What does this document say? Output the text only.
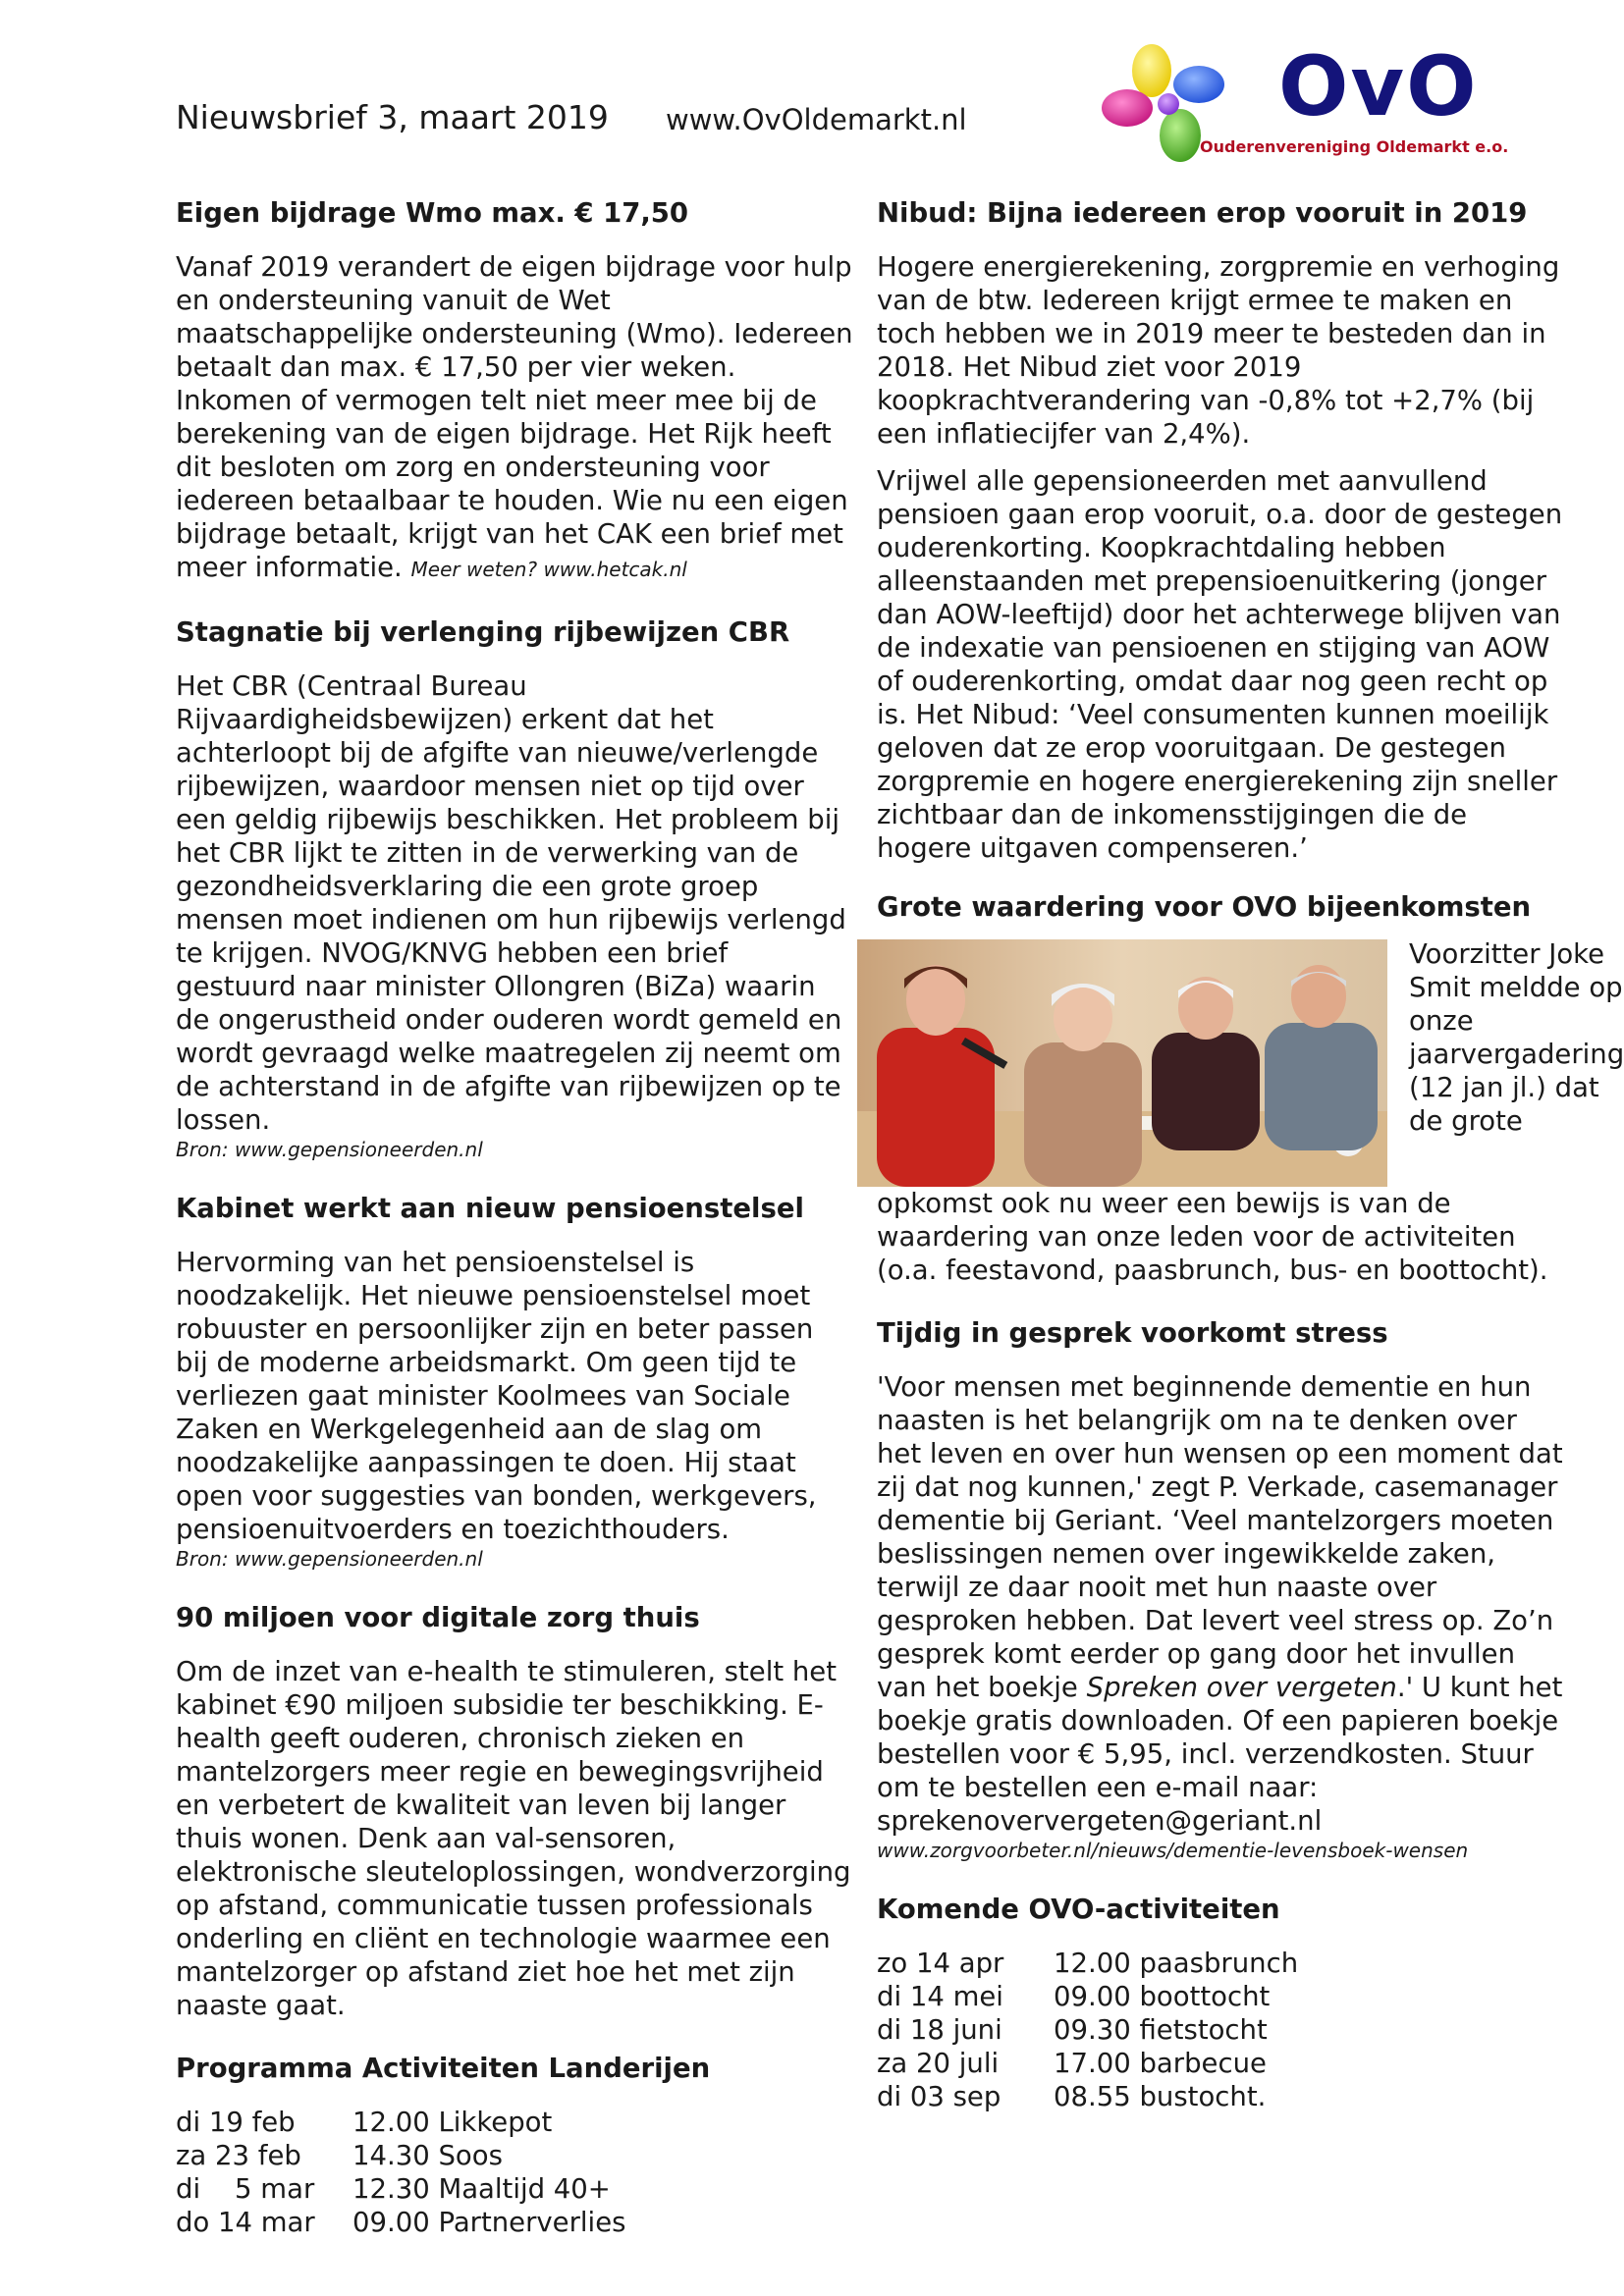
Nieuwsbrief 3, maart 2019 www.OvOldemarkt.nl	OvO
Ouderenvereniging Oldemarkt e.o.
Eigen bijdrage Wmo max. € 17,50

Vanaf 2019 verandert de eigen bijdrage voor hulp en ondersteuning vanuit de Wet maatschappelijke ondersteuning (Wmo). Iedereen betaalt dan max. € 17,50 per vier weken. Inkomen of vermogen telt niet meer mee bij de berekening van de eigen bijdrage. Het Rijk heeft dit besloten om zorg en ondersteuning voor iedereen betaalbaar te houden. Wie nu een eigen bijdrage betaalt, krijgt van het CAK een brief met meer informatie. Meer weten? www.hetcak.nl

Stagnatie bij verlenging rijbewijzen CBR

Het CBR (Centraal Bureau Rijvaardigheidsbewijzen) erkent dat het achterloopt bij de afgifte van nieuwe/verlengde rijbewijzen, waardoor mensen niet op tijd over een geldig rijbewijs beschikken. Het probleem bij het CBR lijkt te zitten in de verwerking van de gezondheidsverklaring die een grote groep mensen moet indienen om hun rijbewijs verlengd te krijgen. NVOG/KNVG hebben een brief gestuurd naar minister Ollongren (BiZa) waarin de ongerustheid onder ouderen wordt gemeld en wordt gevraagd welke maatregelen zij neemt om de achterstand in de afgifte van rijbewijzen op te lossen.

Bron: www.gepensioneerden.nl
Kabinet werkt aan nieuw pensioenstelsel

Hervorming van het pensioenstelsel is noodzakelijk. Het nieuwe pensioenstelsel moet robuuster en persoonlijker zijn en beter passen bij de moderne arbeidsmarkt. Om geen tijd te verliezen gaat minister Koolmees van Sociale Zaken en Werkgelegenheid aan de slag om noodzakelijke aanpassingen te doen. Hij staat open voor suggesties van bonden, werkgevers, pensioenuitvoerders en toezichthouders.

Bron: www.gepensioneerden.nl
90 miljoen voor digitale zorg thuis

Om de inzet van e-health te stimuleren, stelt het kabinet €90 miljoen subsidie ter beschikking. E-health geeft ouderen, chronisch zieken en mantelzorgers meer regie en bewegingsvrijheid en verbetert de kwaliteit van leven bij langer thuis wonen. Denk aan val-sensoren, elektronische sleuteloplossingen, wondverzorging op afstand, communicatie tussen professionals onderling en cliënt en technologie waarmee een mantelzorger op afstand ziet hoe het met zijn naaste gaat.

Programma Activiteiten Landerijen
di 19 feb	12.00 Likkepot
za 23 feb	14.30 Soos
di    5 mar	12.30 Maaltijd 40+
do 14 mar	09.00 Partnerverlies
Nibud: Bijna iedereen erop vooruit in 2019

Hogere energierekening, zorgpremie en verhoging van de btw. Iedereen krijgt ermee te maken en toch hebben we in 2019 meer te besteden dan in 2018. Het Nibud ziet voor 2019 koopkrachtverandering van -0,8% tot +2,7% (bij een inflatiecijfer van 2,4%).

Vrijwel alle gepensioneerden met aanvullend pensioen gaan erop vooruit, o.a. door de gestegen ouderenkorting. Koopkrachtdaling hebben alleenstaanden met prepensioenuitkering (jonger dan AOW-leeftijd) door het achterwege blijven van de indexatie van pensioenen en stijging van AOW of ouderenkorting, omdat daar nog geen recht op is. Het Nibud: ‘Veel consumenten kunnen moeilijk geloven dat ze erop vooruitgaan. De gestegen zorgpremie en hogere energierekening zijn sneller zichtbaar dan de inkomensstijgingen die de hogere uitgaven compenseren.’

Grote waardering voor OVO bijeenkomsten
Voorzitter Joke Smit meldde op onze jaarvergadering (12 jan jl.) dat de grote

opkomst ook nu weer een bewijs is van de waardering van onze leden voor de activiteiten (o.a. feestavond, paasbrunch, bus- en boottocht).

Tijdig in gesprek voorkomt stress

'Voor mensen met beginnende dementie en hun naasten is het belangrijk om na te denken over het leven en over hun wensen op een moment dat zij dat nog kunnen,' zegt P. Verkade, casemanager dementie bij Geriant. ‘Veel mantelzorgers moeten beslissingen nemen over ingewikkelde zaken, terwijl ze daar nooit met hun naaste over gesproken hebben. Dat levert veel stress op. Zo’n gesprek komt eerder op gang door het invullen van het boekje Spreken over vergeten.' U kunt het boekje gratis downloaden. Of een papieren boekje bestellen voor € 5,95, incl. verzendkosten. Stuur om te bestellen een e-mail naar: sprekenoververgeten@geriant.nl

www.zorgvoorbeter.nl/nieuws/dementie-levensboek-wensen
Komende OVO-activiteiten
zo 14 apr	12.00 paasbrunch
di 14 mei	09.00 boottocht
di 18 juni	09.30 fietstocht
za 20 juli	17.00 barbecue
di 03 sep	08.55 bustocht.
